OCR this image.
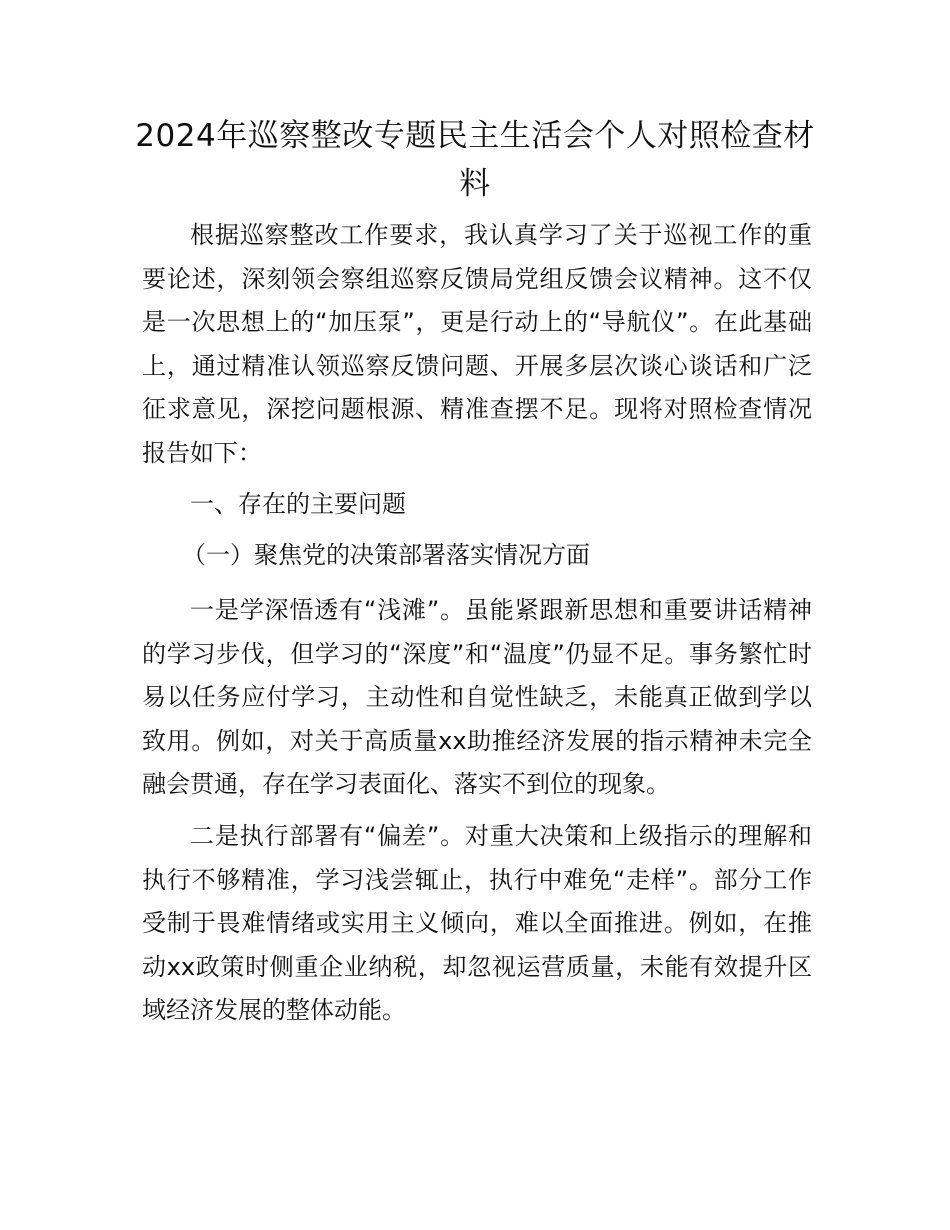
2024年巡察整改专题民主生活会个人对照检查材料

根据巡察整改工作要求，我认真学习了关于巡视工作的重要论述，深刻领会察组巡察反馈局党组反馈会议精神。这不仅是一次思想上的“加压泵”，更是行动上的“导航仪”。在此基础上，通过精准认领巡察反馈问题、开展多层次谈心谈话和广泛征求意见，深挖问题根源、精准查摆不足。现将对照检查情况报告如下：

一、存在的主要问题

（一）聚焦党的决策部署落实情况方面

一是学深悟透有“浅滩”。虽能紧跟新思想和重要讲话精神的学习步伐，但学习的“深度”和“温度”仍显不足。事务繁忙时易以任务应付学习，主动性和自觉性缺乏，未能真正做到学以致用。例如，对关于高质量xx助推经济发展的指示精神未完全融会贯通，存在学习表面化、落实不到位的现象。

二是执行部署有“偏差”。对重大决策和上级指示的理解和执行不够精准，学习浅尝辄止，执行中难免“走样”。部分工作受制于畏难情绪或实用主义倾向，难以全面推进。例如，在推动xx政策时侧重企业纳税，却忽视运营质量，未能有效提升区域经济发展的整体动能。
